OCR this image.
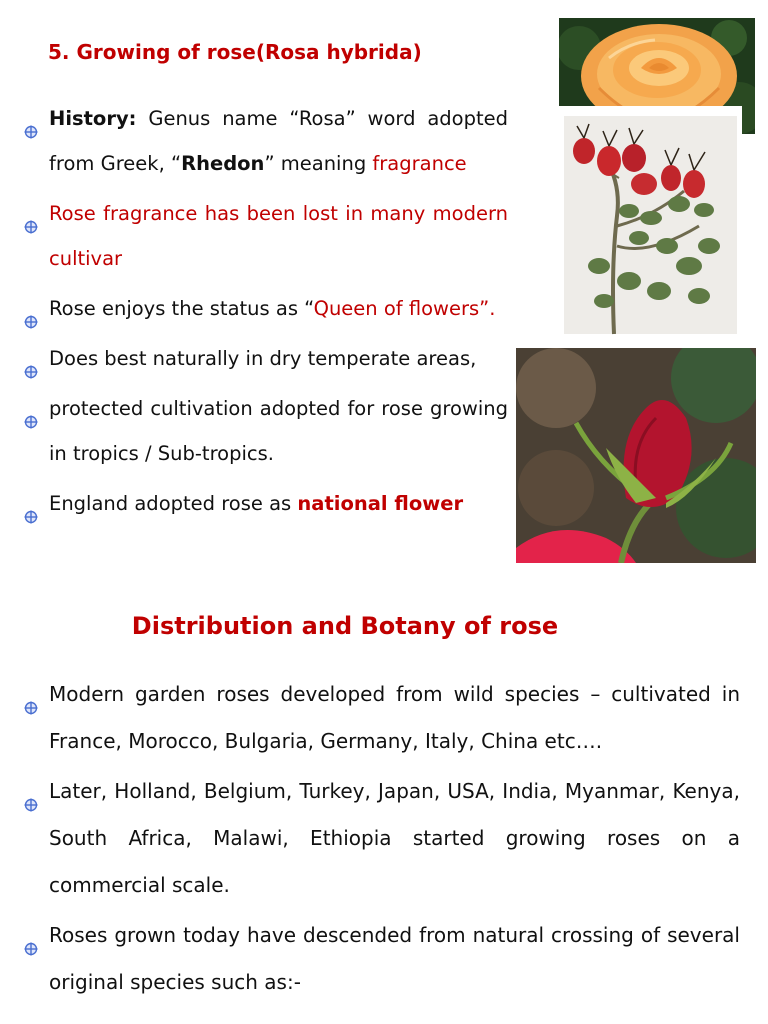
5. Growing of rose(Rosa hybrida)
History: Genus name “Rosa” word adopted from Greek, “Rhedon” meaning fragrance
Rose fragrance has been lost in many modern cultivar
Rose enjoys the status as “Queen of flowers”.
Does best naturally in dry temperate areas,
protected cultivation adopted for rose growing in tropics / Sub-tropics.
England adopted rose as national flower
Distribution and Botany of rose
Modern garden roses developed from wild species – cultivated in France, Morocco, Bulgaria, Germany, Italy, China etc….
Later, Holland, Belgium, Turkey, Japan, USA, India, Myanmar, Kenya, South Africa, Malawi, Ethiopia started growing roses on a commercial scale.
Roses grown today have descended from natural crossing of several original species such as:-
